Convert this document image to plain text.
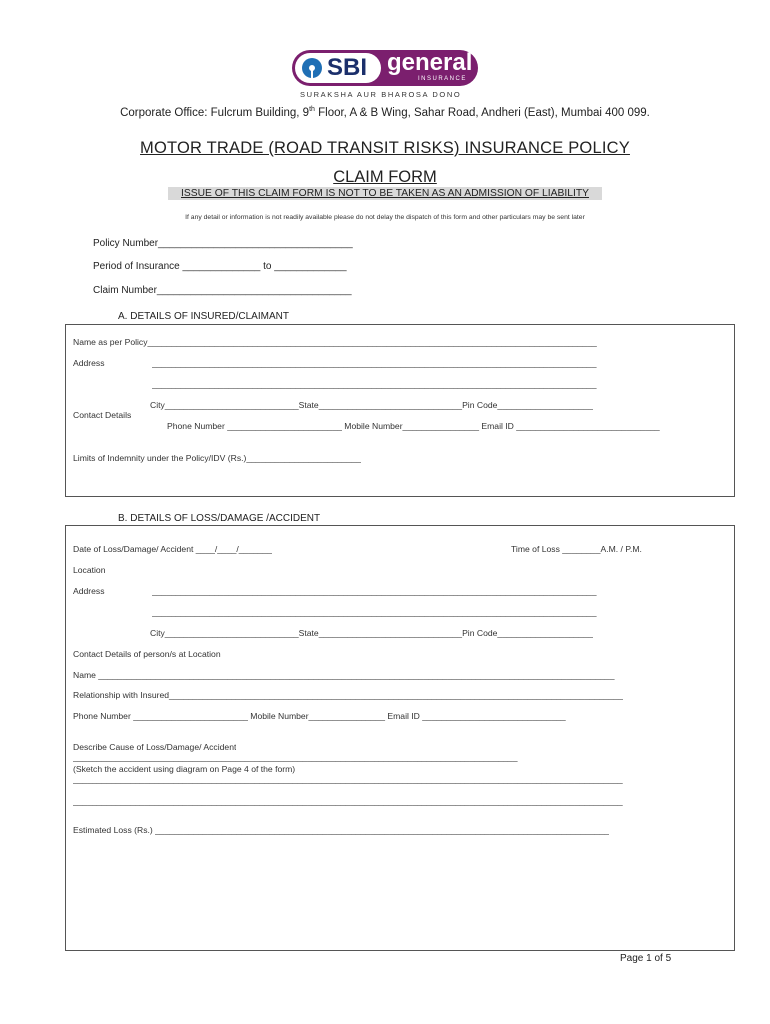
SBI general
INSURANCE
SURAKSHA AUR BHAROSA DONO
Corporate Office: Fulcrum Building, 9th Floor, A & B Wing, Sahar Road, Andheri (East), Mumbai 400 099.
MOTOR TRADE (ROAD TRANSIT RISKS) INSURANCE POLICY
CLAIM FORM
ISSUE OF THIS CLAIM FORM IS NOT TO BE TAKEN AS AN ADMISSION OF LIABILITY
If any detail or information is not readily available please do not delay the dispatch of this form and other particulars may be sent later
Policy Number___________________________________
Period of Insurance ______________ to _____________
Claim Number___________________________________
A. DETAILS OF INSURED/CLAIMANT
Name as per Policy______________________________________________________________________________________________
Address	_____________________________________________________________________________________________
_____________________________________________________________________________________________
City____________________________State______________________________Pin Code____________________
Contact Details
Phone Number ________________________ Mobile Number________________ Email ID ______________________________
Limits of Indemnity under the Policy/IDV (Rs.)________________________
B. DETAILS OF LOSS/DAMAGE /ACCIDENT
Date of Loss/Damage/ Accident ____/____/_______	Time of Loss ________A.M. / P.M.
Location
Address	_____________________________________________________________________________________________
_____________________________________________________________________________________________
City____________________________State______________________________Pin Code____________________
Contact Details of person/s at Location
Name ____________________________________________________________________________________________________________
Relationship with Insured_______________________________________________________________________________________________
Phone Number ________________________ Mobile Number________________ Email ID ______________________________
Describe Cause of Loss/Damage/ Accident
_____________________________________________________________________________________________
(Sketch the accident using diagram on Page 4 of the form)
___________________________________________________________________________________________________________________
___________________________________________________________________________________________________________________
Estimated Loss (Rs.) _______________________________________________________________________________________________
Page 1 of 5
